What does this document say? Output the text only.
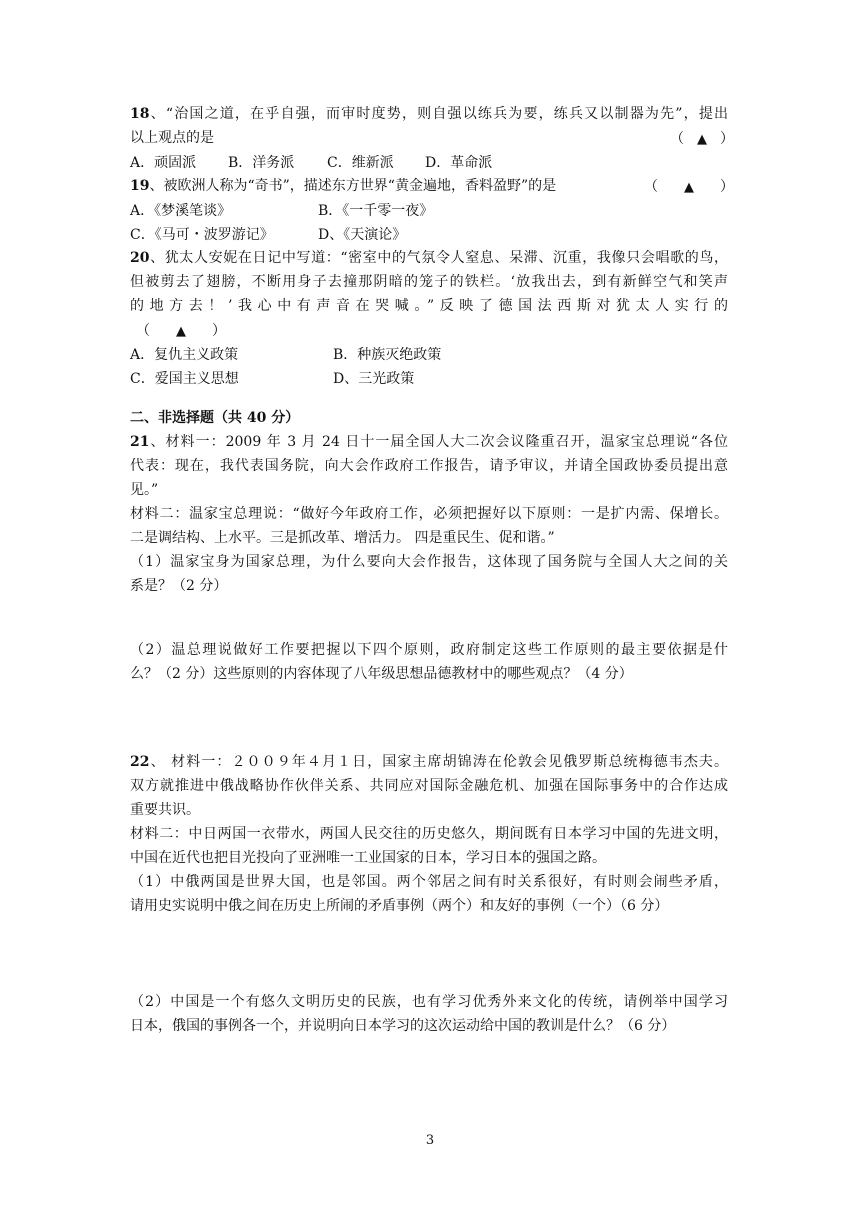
18、“治国之道，在乎自强，而审时度势，则自强以练兵为要，练兵又以制器为先”，提出
以上观点的是	（ ▲ ）
A．顽固派 B．洋务派 C．维新派 D．革命派
19、被欧洲人称为“奇书”，描述东方世界“黄金遍地，香料盈野”的是	（ ▲ ）
A．《梦溪笔谈》	B．《一千零一夜》
C．《马可・波罗游记》	D、《天演论》
20、犹太人安妮在日记中写道：“密室中的气氛令人窒息、呆滞、沉重，我像只会唱歌的鸟，
但被剪去了翅膀，不断用身子去撞那阴暗的笼子的铁栏。‘放我出去，到有新鲜空气和笑声
的地方去！’我心中有声音在哭喊。”反映了德国法西斯对犹太人实行的
（ ▲ ）
A．复仇主义政策	B．种族灭绝政策
C．爱国主义思想	D、三光政策
二、非选择题（共 40 分）
21、材料一：2009 年 3 月 24 日十一届全国人大二次会议隆重召开，温家宝总理说“各位
代表：现在，我代表国务院，向大会作政府工作报告，请予审议，并请全国政协委员提出意
见。”
材料二：温家宝总理说：“做好今年政府工作，必须把握好以下原则：一是扩内需、保增长。
二是调结构、上水平。三是抓改革、增活力。 四是重民生、促和谐。”
（1）温家宝身为国家总理，为什么要向大会作报告，这体现了国务院与全国人大之间的关
系是？（2 分）
（2）温总理说做好工作要把握以下四个原则，政府制定这些工作原则的最主要依据是什
么？（2 分）这些原则的内容体现了八年级思想品德教材中的哪些观点？（4 分）
22、 材料一：２００９年４月１日，国家主席胡锦涛在伦敦会见俄罗斯总统梅德韦杰夫。
双方就推进中俄战略协作伙伴关系、共同应对国际金融危机、加强在国际事务中的合作达成
重要共识。
材料二：中日两国一衣带水，两国人民交往的历史悠久，期间既有日本学习中国的先进文明，
中国在近代也把目光投向了亚洲唯一工业国家的日本，学习日本的强国之路。
（1）中俄两国是世界大国，也是邻国。两个邻居之间有时关系很好，有时则会闹些矛盾，
请用史实说明中俄之间在历史上所闹的矛盾事例（两个）和友好的事例（一个）（6 分）
（2）中国是一个有悠久文明历史的民族，也有学习优秀外来文化的传统，请例举中国学习
日本，俄国的事例各一个，并说明向日本学习的这次运动给中国的教训是什么？（6 分）
3
